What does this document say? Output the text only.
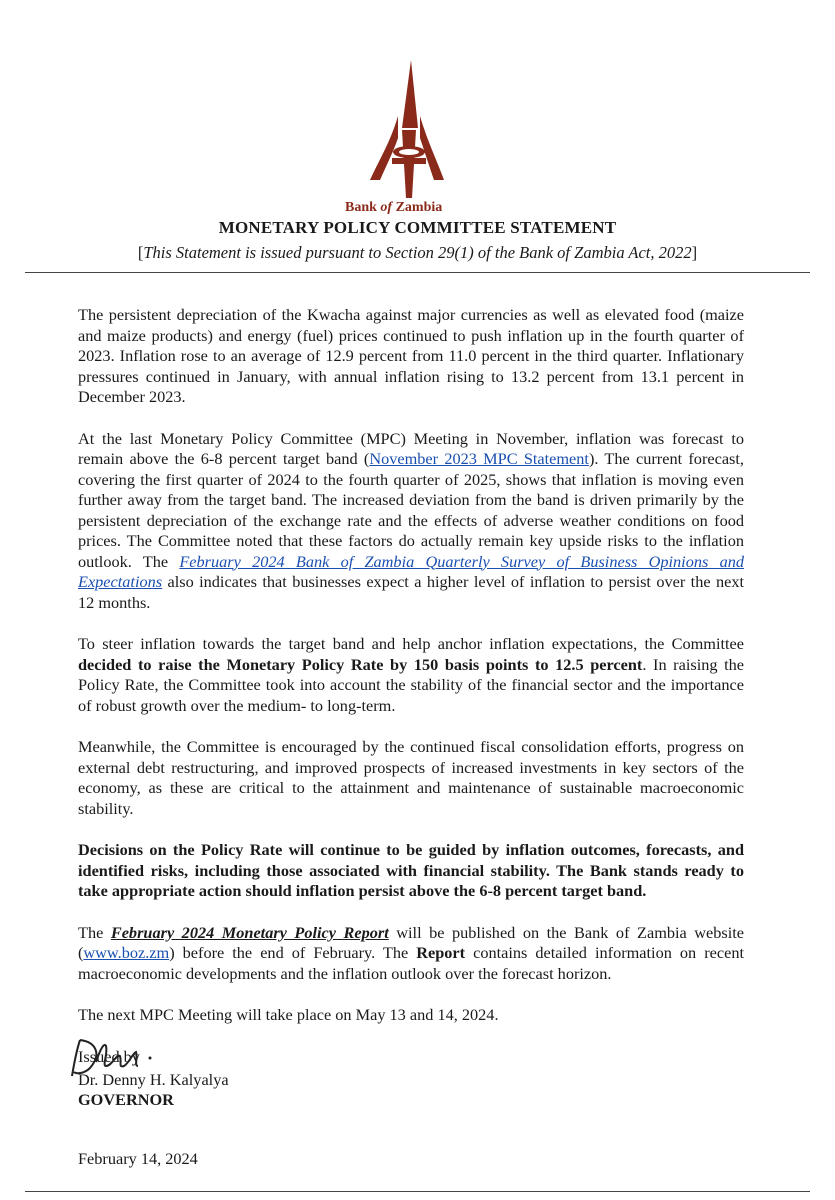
Bank of Zambia
MONETARY POLICY COMMITTEE STATEMENT
[This Statement is issued pursuant to Section 29(1) of the Bank of Zambia Act, 2022]

The persistent depreciation of the Kwacha against major currencies as well as elevated food (maize and maize products) and energy (fuel) prices continued to push inflation up in the fourth quarter of 2023. Inflation rose to an average of 12.9 percent from 11.0 percent in the third quarter. Inflationary pressures continued in January, with annual inflation rising to 13.2 percent from 13.1 percent in December 2023.

At the last Monetary Policy Committee (MPC) Meeting in November, inflation was forecast to remain above the 6-8 percent target band (November 2023 MPC Statement). The current forecast, covering the first quarter of 2024 to the fourth quarter of 2025, shows that inflation is moving even further away from the target band. The increased deviation from the band is driven primarily by the persistent depreciation of the exchange rate and the effects of adverse weather conditions on food prices. The Committee noted that these factors do actually remain key upside risks to the inflation outlook. The February 2024 Bank of Zambia Quarterly Survey of Business Opinions and Expectations also indicates that businesses expect a higher level of inflation to persist over the next 12 months.

To steer inflation towards the target band and help anchor inflation expectations, the Committee decided to raise the Monetary Policy Rate by 150 basis points to 12.5 percent. In raising the Policy Rate, the Committee took into account the stability of the financial sector and the importance of robust growth over the medium- to long-term.

Meanwhile, the Committee is encouraged by the continued fiscal consolidation efforts, progress on external debt restructuring, and improved prospects of increased investments in key sectors of the economy, as these are critical to the attainment and maintenance of sustainable macroeconomic stability.

Decisions on the Policy Rate will continue to be guided by inflation outcomes, forecasts, and identified risks, including those associated with financial stability. The Bank stands ready to take appropriate action should inflation persist above the 6-8 percent target band.

The February 2024 Monetary Policy Report will be published on the Bank of Zambia website (www.boz.zm) before the end of February. The Report contains detailed information on recent macroeconomic developments and the inflation outlook over the forecast horizon.

The next MPC Meeting will take place on May 13 and 14, 2024.

Issued by

Dr. Denny H. Kalyalya
GOVERNOR
February 14, 2024
